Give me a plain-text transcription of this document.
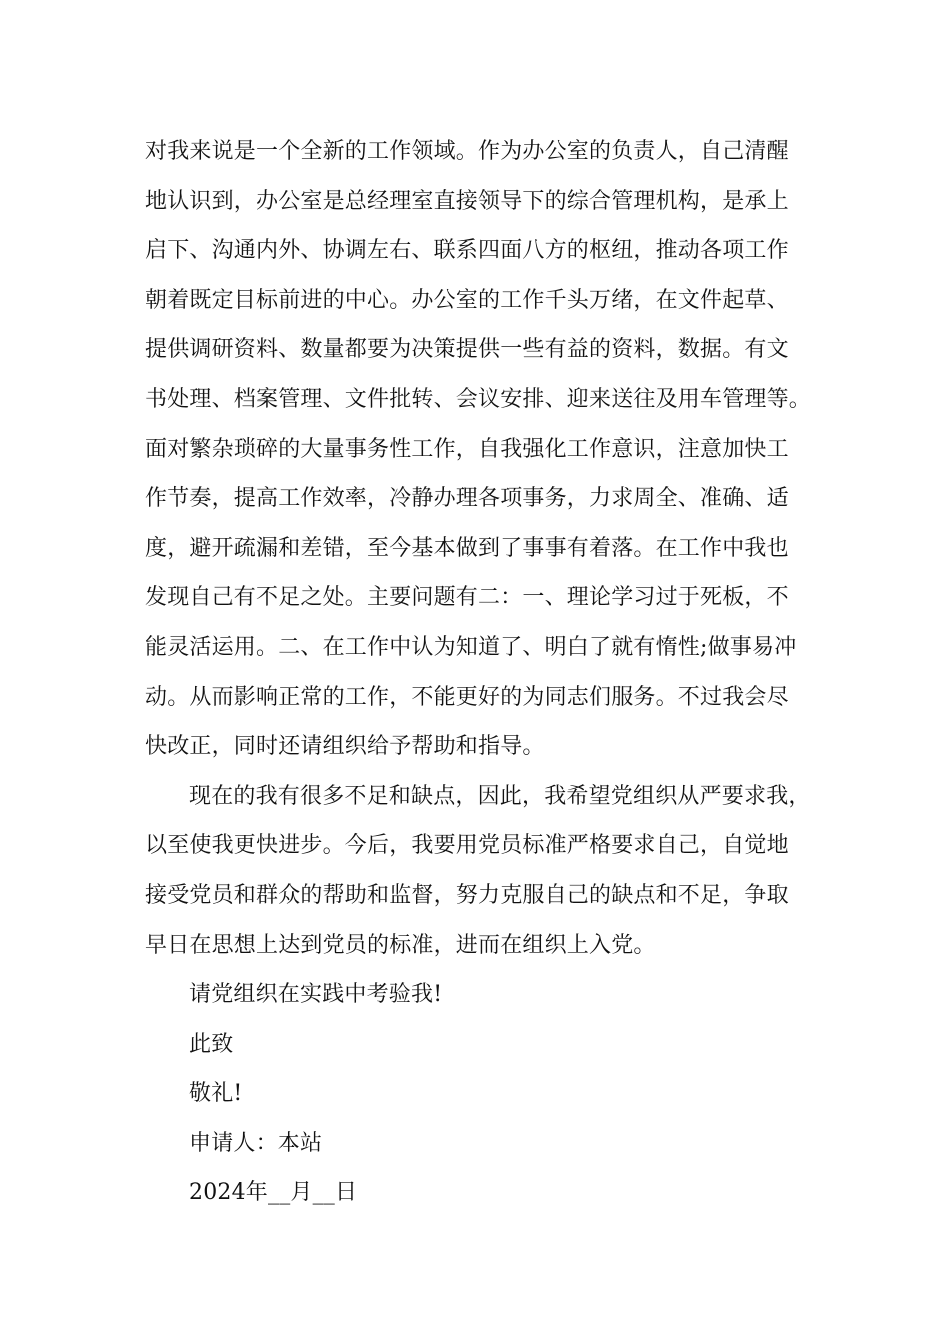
对我来说是一个全新的工作领域。作为办公室的负责人，自己清醒
地认识到，办公室是总经理室直接领导下的综合管理机构，是承上
启下、沟通内外、协调左右、联系四面八方的枢纽，推动各项工作
朝着既定目标前进的中心。办公室的工作千头万绪，在文件起草、
提供调研资料、数量都要为决策提供一些有益的资料，数据。有文
书处理、档案管理、文件批转、会议安排、迎来送往及用车管理等。
面对繁杂琐碎的大量事务性工作，自我强化工作意识，注意加快工
作节奏，提高工作效率，冷静办理各项事务，力求周全、准确、适
度，避开疏漏和差错，至今基本做到了事事有着落。在工作中我也
发现自己有不足之处。主要问题有二：一、理论学习过于死板，不
能灵活运用。二、在工作中认为知道了、明白了就有惰性;做事易冲
动。从而影响正常的工作，不能更好的为同志们服务。不过我会尽
快改正，同时还请组织给予帮助和指导。
现在的我有很多不足和缺点，因此，我希望党组织从严要求我，
以至使我更快进步。今后，我要用党员标准严格要求自己，自觉地
接受党员和群众的帮助和监督，努力克服自己的缺点和不足，争取
早日在思想上达到党员的标准，进而在组织上入党。
请党组织在实践中考验我!
此致
敬礼!
申请人：本站
2024年__月__日
